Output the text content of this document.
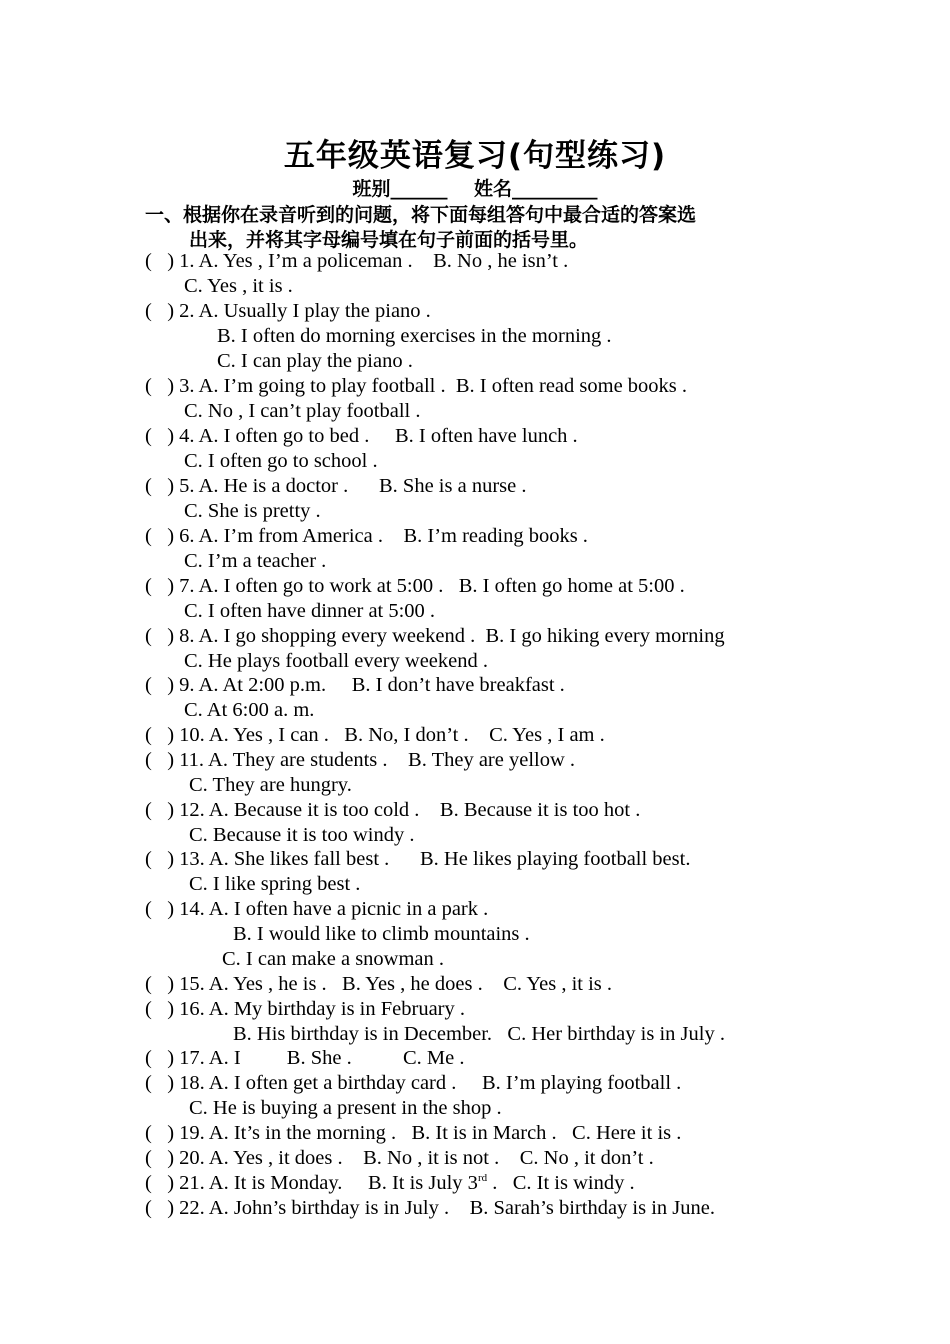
五年级英语复习(句型练习)
班别______    姓名_________
一、根据你在录音听到的问题，将下面每组答句中最合适的答案选
出来，并将其字母编号填在句子前面的括号里。
(   ) 1. A. Yes , I’m a policeman .    B. No , he isn’t .
C. Yes , it is .
(   ) 2. A. Usually I play the piano .
B. I often do morning exercises in the morning .
C. I can play the piano .
(   ) 3. A. I’m going to play football .  B. I often read some books .
C. No , I can’t play football .
(   ) 4. A. I often go to bed .     B. I often have lunch .
C. I often go to school .
(   ) 5. A. He is a doctor .      B. She is a nurse .
C. She is pretty .
(   ) 6. A. I’m from America .    B. I’m reading books .
C. I’m a teacher .
(   ) 7. A. I often go to work at 5:00 .   B. I often go home at 5:00 .
C. I often have dinner at 5:00 .
(   ) 8. A. I go shopping every weekend .  B. I go hiking every morning
C. He plays football every weekend .
(   ) 9. A. At 2:00 p.m.     B. I don’t have breakfast .
C. At 6:00 a. m.
(   ) 10. A. Yes , I can .   B. No, I don’t .    C. Yes , I am .
(   ) 11. A. They are students .    B. They are yellow .
C. They are hungry.
(   ) 12. A. Because it is too cold .    B. Because it is too hot .
C. Because it is too windy .
(   ) 13. A. She likes fall best .      B. He likes playing football best.
C. I like spring best .
(   ) 14. A. I often have a picnic in a park .
B. I would like to climb mountains .
C. I can make a snowman .
(   ) 15. A. Yes , he is .   B. Yes , he does .    C. Yes , it is .
(   ) 16. A. My birthday is in February .
B. His birthday is in December.   C. Her birthday is in July .
(   ) 17. A. I         B. She .          C. Me .
(   ) 18. A. I often get a birthday card .     B. I’m playing football .
C. He is buying a present in the shop .
(   ) 19. A. It’s in the morning .   B. It is in March .   C. Here it is .
(   ) 20. A. Yes , it does .    B. No , it is not .    C. No , it don’t .
(   ) 21. A. It is Monday.     B. It is July 3rd .   C. It is windy .
(   ) 22. A. John’s birthday is in July .    B. Sarah’s birthday is in June.
